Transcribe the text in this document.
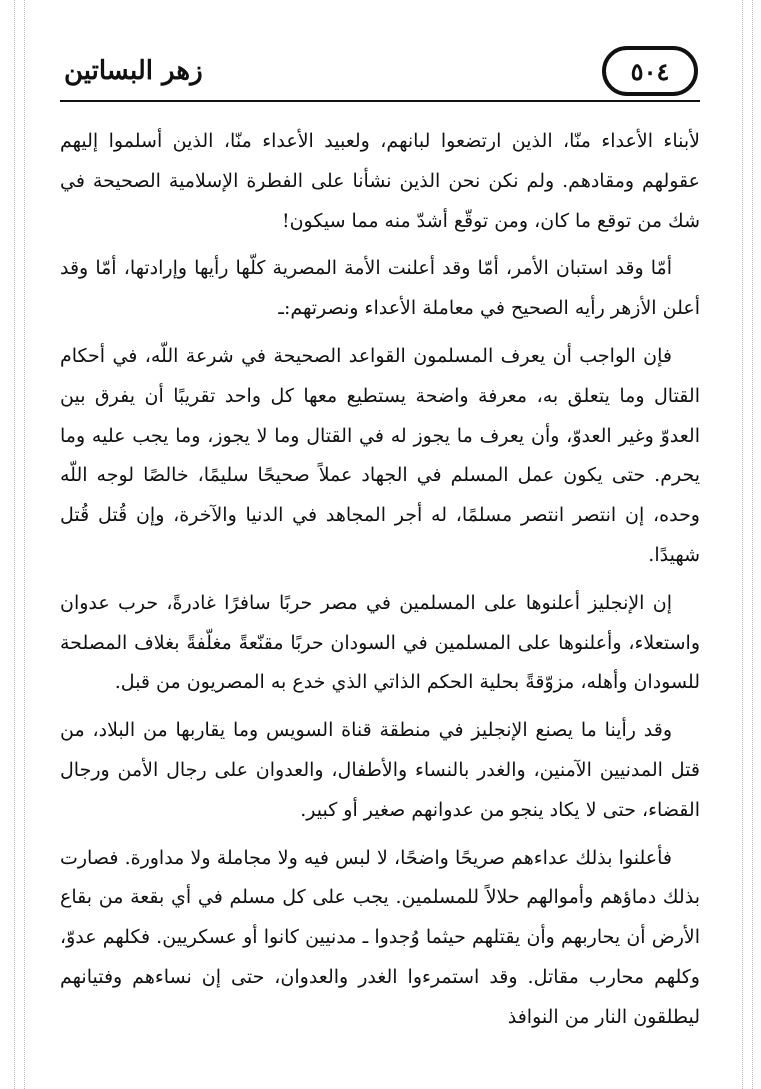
٥٠٤
زهر البساتين

لأبناء الأعداء منّا، الذين ارتضعوا لبانهم، ولعبيد الأعداء منّا، الذين أسلموا إليهم عقولهم ومقادهم. ولم نكن نحن الذين نشأنا على الفطرة الإسلامية الصحيحة في شك من توقع ما كان، ومن توقّع أشدّ منه مما سيكون!

أمّا وقد استبان الأمر، أمّا وقد أعلنت الأمة المصرية كلّها رأيها وإرادتها، أمّا وقد أعلن الأزهر رأيه الصحيح في معاملة الأعداء ونصرتهم:ـ

فإن الواجب أن يعرف المسلمون القواعد الصحيحة في شرعة اللّه، في أحكام القتال وما يتعلق به، معرفة واضحة يستطيع معها كل واحد تقريبًا أن يفرق بين العدوّ وغير العدوّ، وأن يعرف ما يجوز له في القتال وما لا يجوز، وما يجب عليه وما يحرم. حتى يكون عمل المسلم في الجهاد عملاً صحيحًا سليمًا، خالصًا لوجه اللّه وحده، إن انتصر انتصر مسلمًا، له أجر المجاهد في الدنيا والآخرة، وإن قُتل قُتل شهيدًا.

إن الإنجليز أعلنوها على المسلمين في مصر حربًا سافرًا غادرةً، حرب عدوان واستعلاء، وأعلنوها على المسلمين في السودان حربًا مقنّعةً مغلّفةً بغلاف المصلحة للسودان وأهله، مزوّقةً بحلية الحكم الذاتي الذي خدع به المصريون من قبل.

وقد رأينا ما يصنع الإنجليز في منطقة قناة السويس وما يقاربها من البلاد، من قتل المدنيين الآمنين، والغدر بالنساء والأطفال، والعدوان على رجال الأمن ورجال القضاء، حتى لا يكاد ينجو من عدوانهم صغير أو كبير.

فأعلنوا بذلك عداءهم صريحًا واضحًا، لا لبس فيه ولا مجاملة ولا مداورة. فصارت بذلك دماؤهم وأموالهم حلالاً للمسلمين. يجب على كل مسلم في أي بقعة من بقاع الأرض أن يحاربهم وأن يقتلهم حيثما وُجدوا ـ مدنيين كانوا أو عسكريين. فكلهم عدوّ، وكلهم محارب مقاتل. وقد استمرءوا الغدر والعدوان، حتى إن نساءهم وفتيانهم ليطلقون النار من النوافذ
